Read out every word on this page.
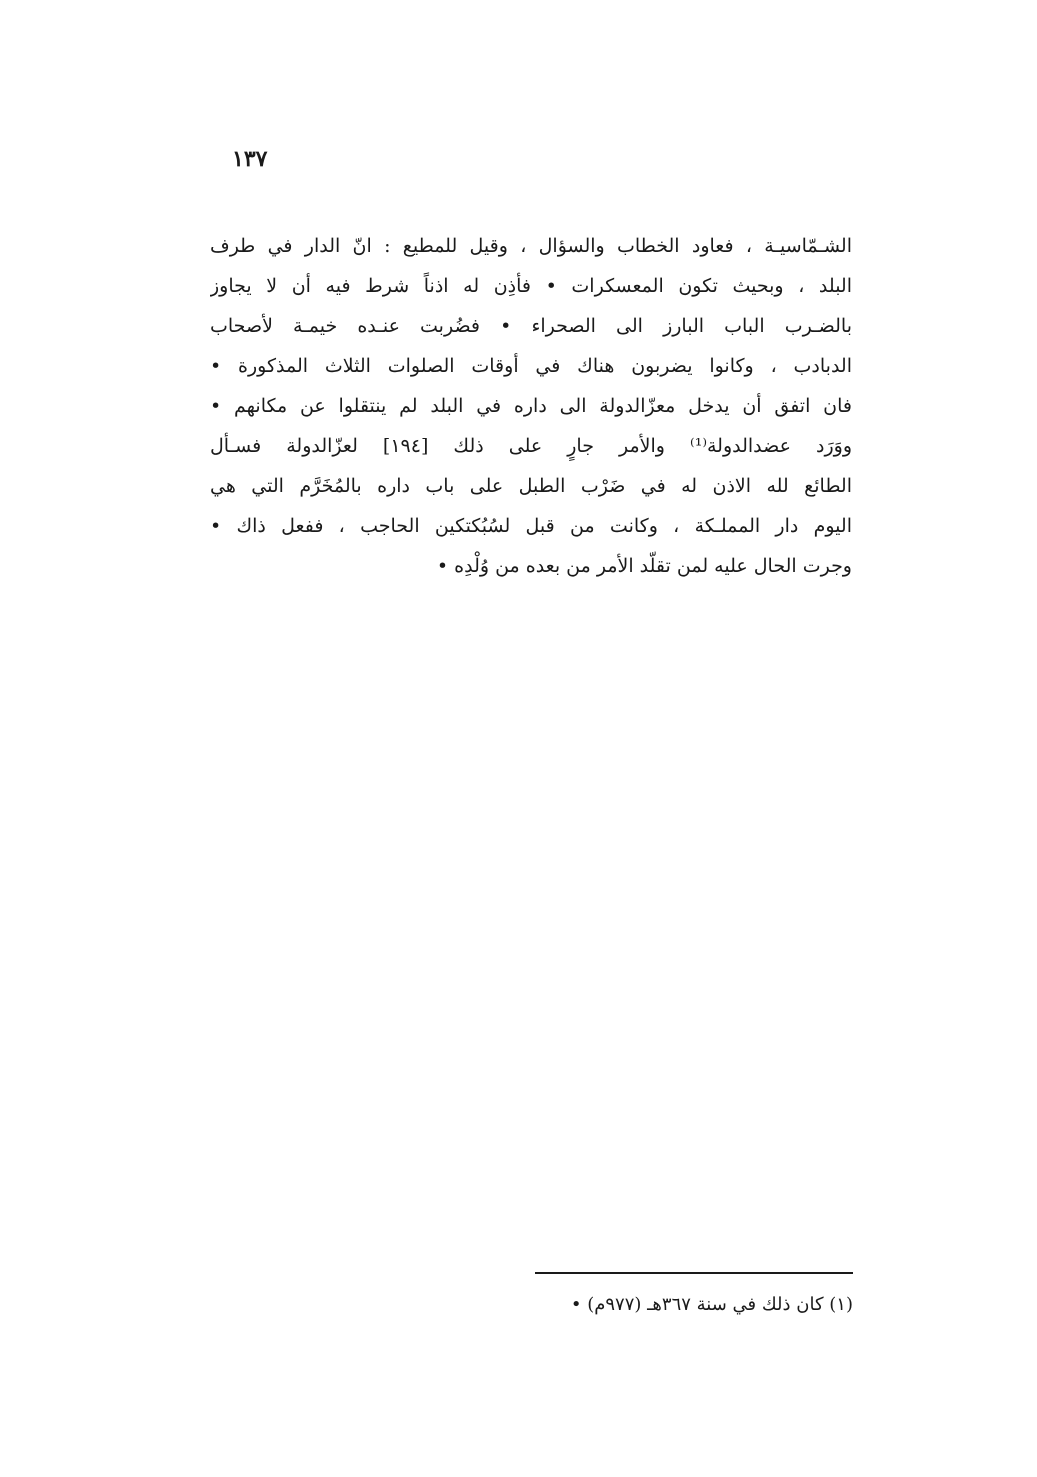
١٣٧
الشـمّاسيـة ، فعاود الخطاب والسؤال ، وقيل للمطيع : انّ الدار في طرف
البلد ، وبحيث تكون المعسكرات • فأذِن له اذناً شرط فيه أن لا يجاوز
بالضـرب الباب البارز الى الصحراء • فضُربت عنـده خيمـة لأصحاب
الدبادب ، وكانوا يضربون هناك في أوقات الصلوات الثلاث المذكورة •
فان اتفق أن يدخل معزّالدولة الى داره في البلد لم ينتقلوا عن مكانهم •
ووَرَد عضدالدولة⁽¹⁾ والأمر جارٍ على ذلك [١٩٤] لعزّالدولة فسـأل
الطائع لله الاذن له في ضَرْب الطبل على باب داره بالمُخَرَّم التي هي
اليوم دار المملـكة ، وكانت من قبل لسُبُكتكين الحاجب ، ففعل ذاك •
وجرت الحال عليه لمن تقلّد الأمر من بعده من وُلْدِه •
(١) كان ذلك في سنة ٣٦٧هـ (٩٧٧م) •
